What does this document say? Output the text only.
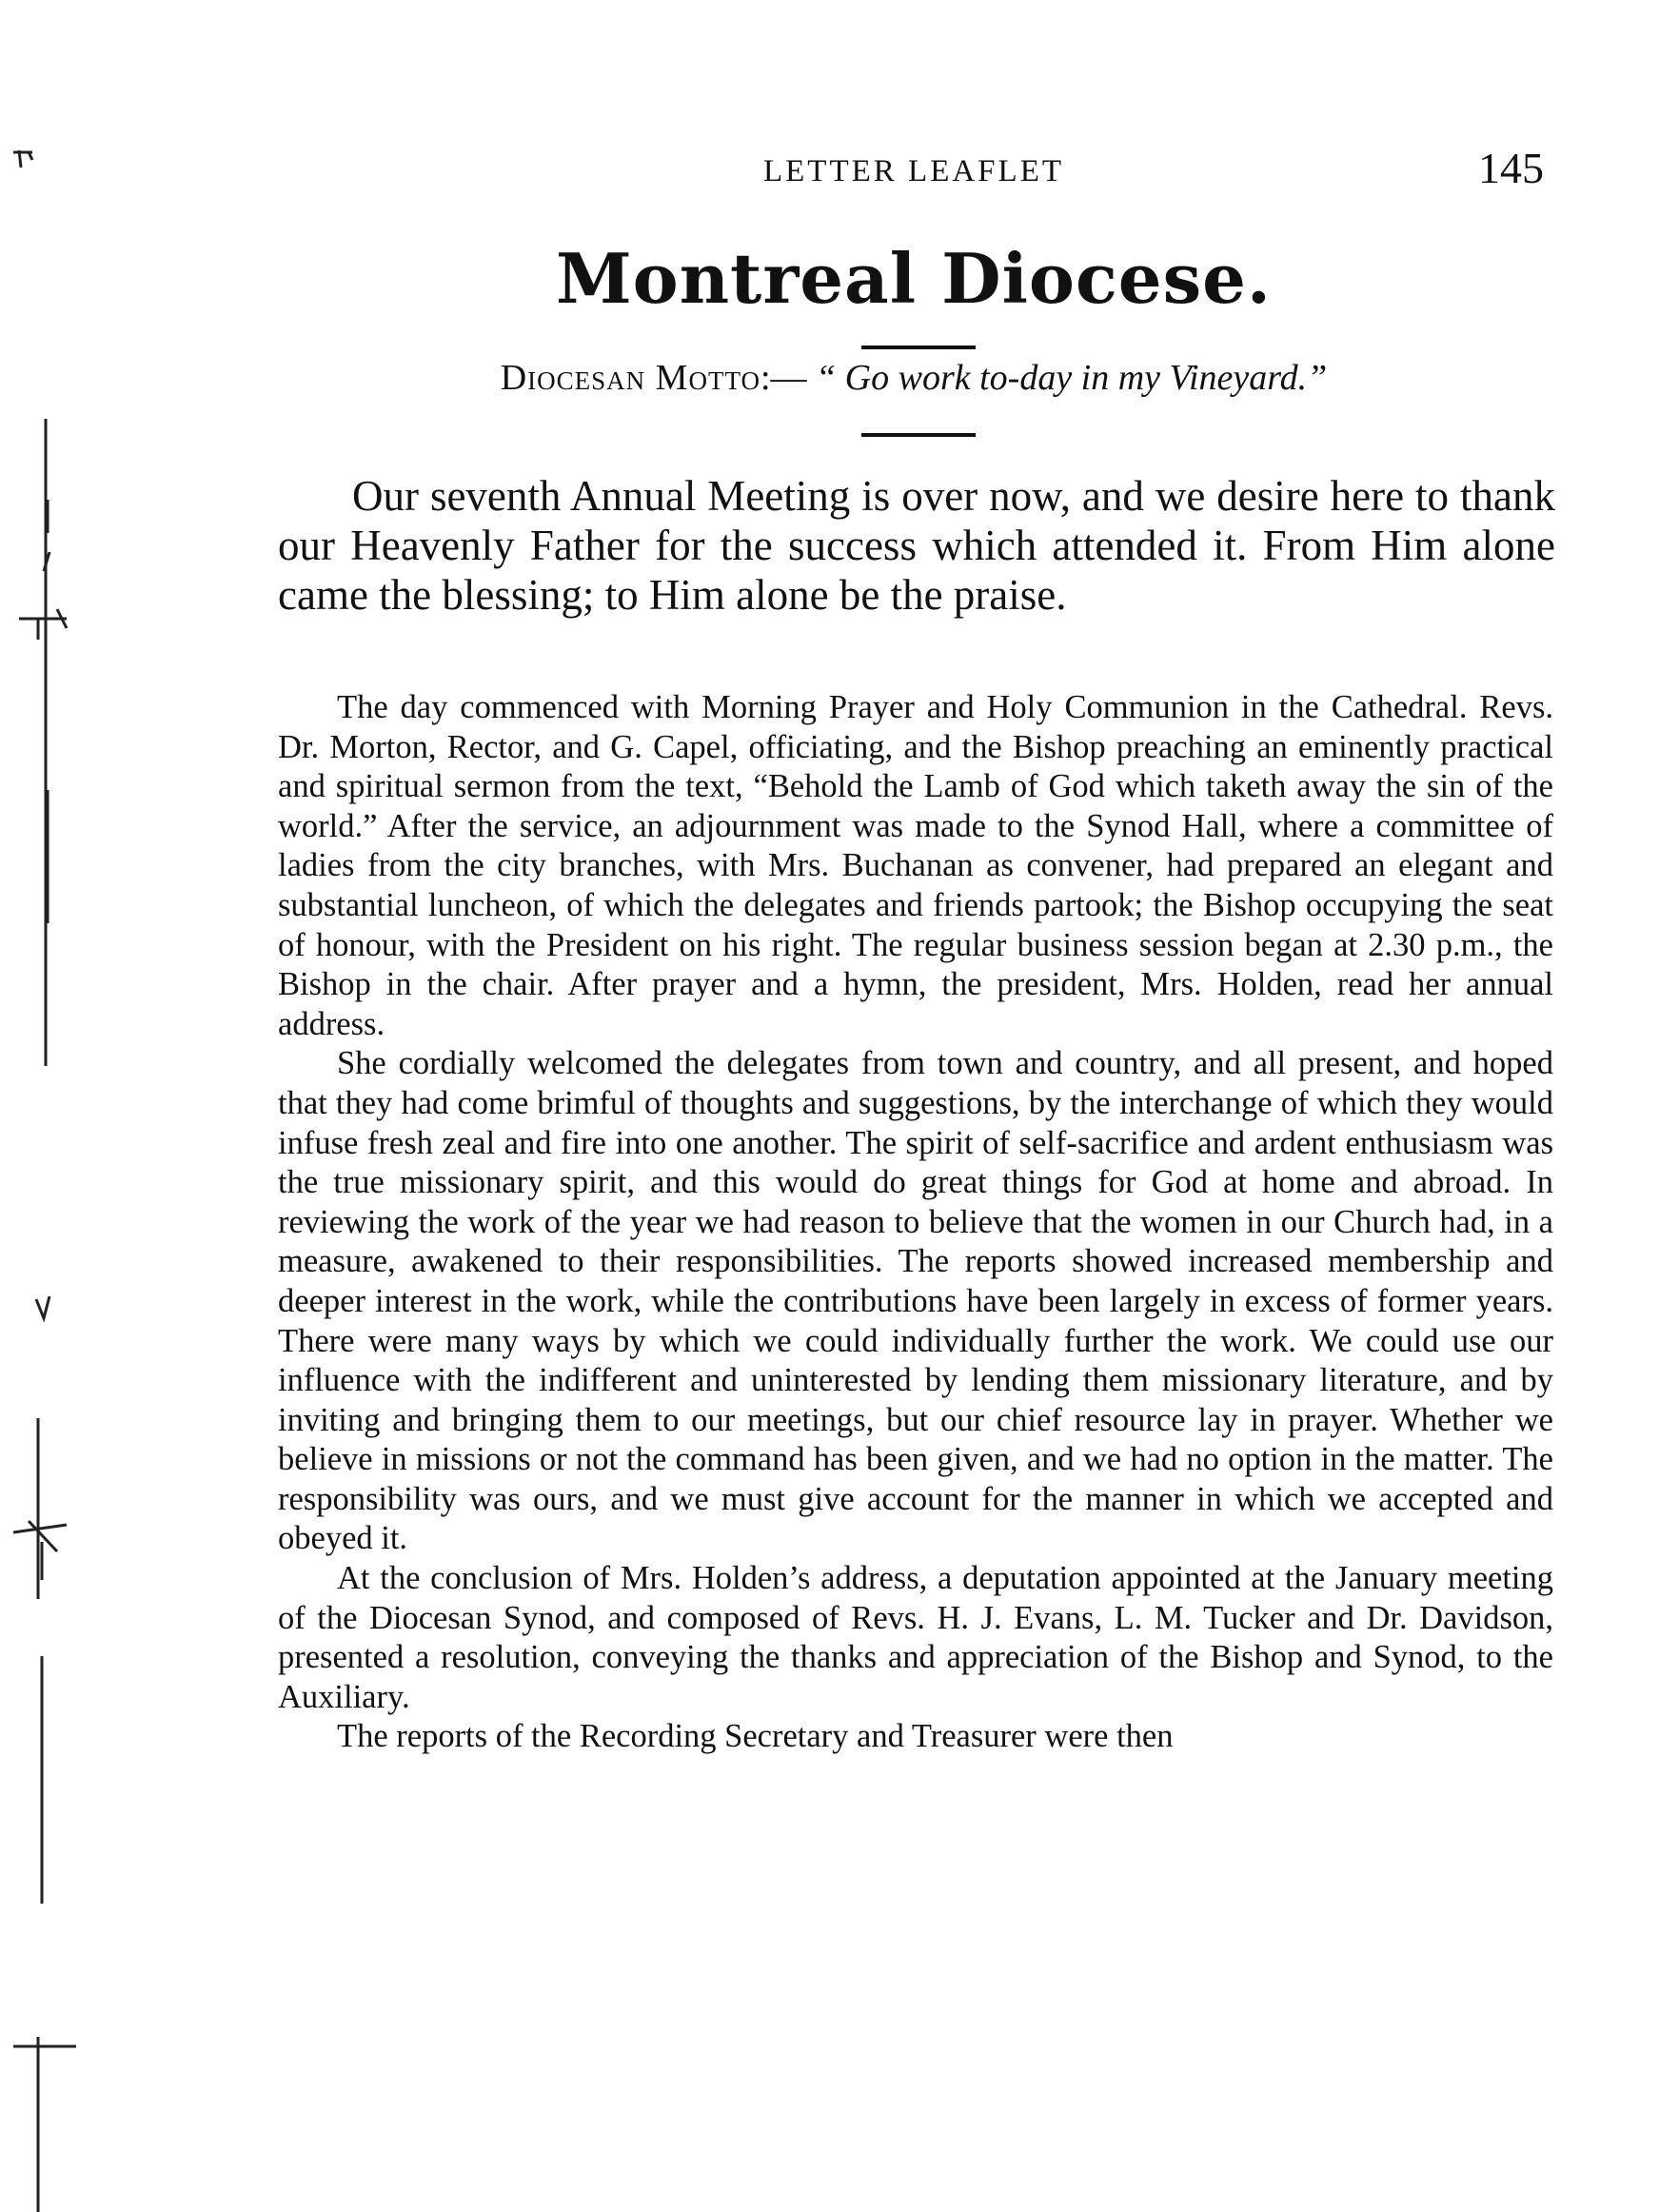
LETTER LEAFLET	145
Montreal Diocese.
Diocesan Motto:— “ Go work to-day in my Vineyard.”

Our seventh Annual Meeting is over now, and we desire here to thank our Heavenly Father for the success which attended it. From Him alone came the blessing; to Him alone be the praise.

The day commenced with Morning Prayer and Holy Communion in the Cathedral. Revs. Dr. Morton, Rector, and G. Capel, officiating, and the Bishop preaching an eminently practical and spiritual sermon from the text, “Behold the Lamb of God which taketh away the sin of the world.” After the service, an adjournment was made to the Synod Hall, where a committee of ladies from the city branches, with Mrs. Buchanan as convener, had prepared an elegant and substantial luncheon, of which the delegates and friends partook; the Bishop occupying the seat of honour, with the President on his right. The regular business session began at 2.30 p.m., the Bishop in the chair. After prayer and a hymn, the president, Mrs. Holden, read her annual address.

She cordially welcomed the delegates from town and country, and all present, and hoped that they had come brimful of thoughts and suggestions, by the interchange of which they would infuse fresh zeal and fire into one another. The spirit of self-sacrifice and ardent enthusiasm was the true missionary spirit, and this would do great things for God at home and abroad. In reviewing the work of the year we had reason to believe that the women in our Church had, in a measure, awakened to their responsibilities. The reports showed increased membership and deeper interest in the work, while the contributions have been largely in excess of former years. There were many ways by which we could individually further the work. We could use our influence with the indifferent and uninterested by lending them missionary literature, and by inviting and bringing them to our meetings, but our chief resource lay in prayer. Whether we believe in missions or not the command has been given, and we had no option in the matter. The responsibility was ours, and we must give account for the manner in which we accepted and obeyed it.

At the conclusion of Mrs. Holden’s address, a deputation appointed at the January meeting of the Diocesan Synod, and composed of Revs. H. J. Evans, L. M. Tucker and Dr. Davidson, presented a resolution, conveying the thanks and appreciation of the Bishop and Synod, to the Auxiliary.

The reports of the Recording Secretary and Treasurer were then
